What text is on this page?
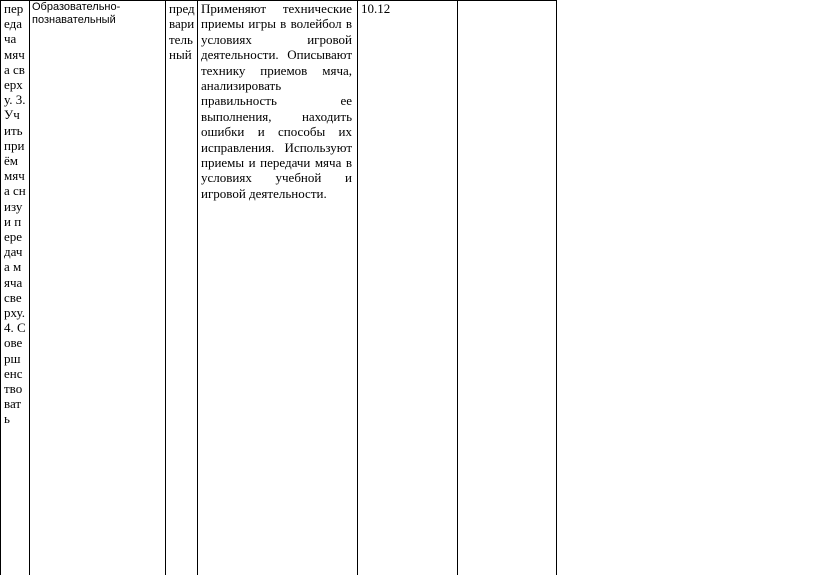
передача мяча сверху. 3. Учить приём мяча снизу и передача мяча сверху. 4. Совершенствовать
Образовательно-познавательный
предварительный
Применяют технические приемы игры в волейбол в условиях игровой деятельности. Описывают технику приемов мяча, анализировать правильность ее выполнения, находить ошибки и способы их исправления. Используют приемы и передачи мяча в условиях учебной и игровой деятельности.
10.12
